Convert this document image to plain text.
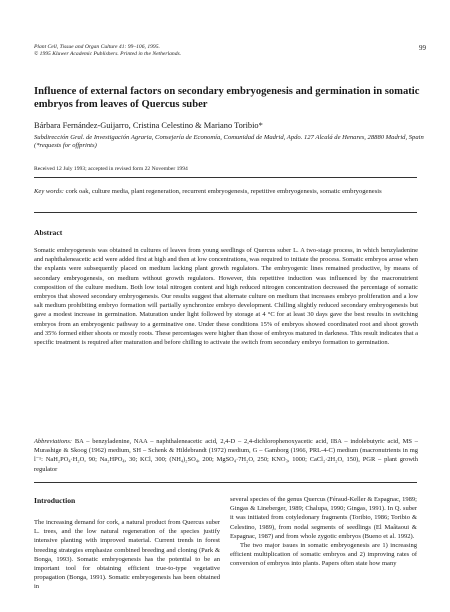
Plant Cell, Tissue and Organ Culture 41: 99–106, 1995.
© 1995 Kluwer Academic Publishers. Printed in the Netherlands.
99
Influence of external factors on secondary embryogenesis and germination in somatic embryos from leaves of Quercus suber
Bárbara Fernández-Guijarro, Cristina Celestino & Mariano Toribio*
Subdirección Gral. de Investigación Agraria, Consejería de Economía, Comunidad de Madrid, Apdo. 127 Alcalá de Henares, 28880 Madrid, Spain (*requests for offprints)
Received 12 July 1993; accepted in revised form 22 November 1994
Key words: cork oak, culture media, plant regeneration, recurrent embryogenesis, repetitive embryogenesis, somatic embryogenesis
Abstract

Somatic embryogenesis was obtained in cultures of leaves from young seedlings of Quercus suber L. A two-stage process, in which benzyladenine and naphthaleneacetic acid were added first at high and then at low concentrations, was required to initiate the process. Somatic embryos arose when the explants were subsequently placed on medium lacking plant growth regulators. The embryogenic lines remained productive, by means of secondary embryogenesis, on medium without growth regulators. However, this repetitive induction was influenced by the macronutrient composition of the culture medium. Both low total nitrogen content and high reduced nitrogen concentration decreased the percentage of somatic embryos that showed secondary embryogenesis. Our results suggest that alternate culture on medium that increases embryo proliferation and a low salt medium prohibiting embryo formation will partially synchronize embryo development. Chilling slightly reduced secondary embryogenesis but gave a modest increase in germination. Maturation under light followed by storage at 4 °C for at least 30 days gave the best results in switching embryos from an embryogenic pathway to a germinative one. Under these conditions 15% of embryos showed coordinated root and shoot growth and 35% formed either shoots or mostly roots. These percentages were higher than those of embryos matured in darkness. This result indicates that a specific treatment is required after maturation and before chilling to activate the switch from secondary embryo formation to germination.

Abbreviations: BA – benzyladenine, NAA – naphthaleneacetic acid, 2,4-D – 2,4-dichlorophenoxyacetic acid, IBA – indolebutyric acid, MS – Murashige & Skoog (1962) medium, SH – Schenk & Hildebrandt (1972) medium, G – Gamborg (1966, PRL-4-C) medium (macronutrients in mg l⁻¹: NaH₂PO₄·H₂O, 90; Na₂HPO₄, 30; KCl, 300; (NH₄)₂SO₄, 200; MgSO₄·7H₂O, 250; KNO₃, 1000; CaCl₂·2H₂O, 150), PGR – plant growth regulator
Introduction

The increasing demand for cork, a natural product from Quercus suber L. trees, and the low natural regeneration of the species justify intensive planting with improved material. Current trends in forest breeding strategies emphasize combined breeding and cloning (Park & Bonga, 1993). Somatic embryogenesis has the potential to be an important tool for obtaining efficient true-to-type vegetative propagation (Bonga, 1991). Somatic embryogenesis has been obtained in

several species of the genus Quercus (Féraud-Keller & Espagnac, 1989; Gingas & Lineberger, 1989; Chalupa, 1990; Gingas, 1991). In Q. suber it was initiated from cotyledonary fragments (Toribio, 1986; Toribio & Celestino, 1989), from nodal segments of seedlings (El Maâtaoui & Espagnac, 1987) and from whole zygotic embryos (Bueno et al. 1992).

The two major issues in somatic embryogenesis are 1) increasing efficient multiplication of somatic embryos and 2) improving rates of conversion of embryos into plants. Papers often state how many
